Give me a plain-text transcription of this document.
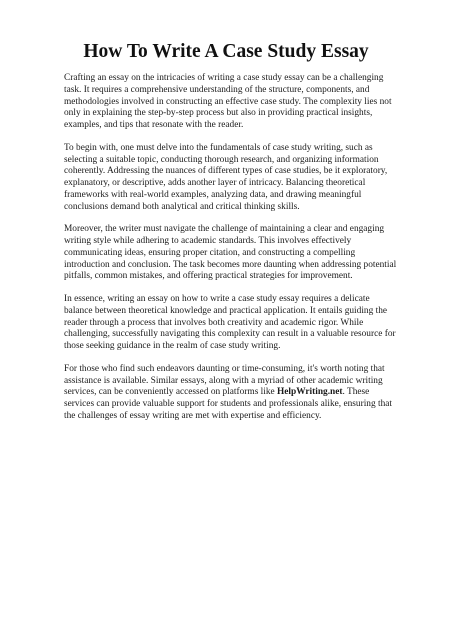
How To Write A Case Study Essay

Crafting an essay on the intricacies of writing a case study essay can be a challenging task. It requires a comprehensive understanding of the structure, components, and methodologies involved in constructing an effective case study. The complexity lies not only in explaining the step-by-step process but also in providing practical insights, examples, and tips that resonate with the reader.

To begin with, one must delve into the fundamentals of case study writing, such as selecting a suitable topic, conducting thorough research, and organizing information coherently. Addressing the nuances of different types of case studies, be it exploratory, explanatory, or descriptive, adds another layer of intricacy. Balancing theoretical frameworks with real-world examples, analyzing data, and drawing meaningful conclusions demand both analytical and critical thinking skills.

Moreover, the writer must navigate the challenge of maintaining a clear and engaging writing style while adhering to academic standards. This involves effectively communicating ideas, ensuring proper citation, and constructing a compelling introduction and conclusion. The task becomes more daunting when addressing potential pitfalls, common mistakes, and offering practical strategies for improvement.

In essence, writing an essay on how to write a case study essay requires a delicate balance between theoretical knowledge and practical application. It entails guiding the reader through a process that involves both creativity and academic rigor. While challenging, successfully navigating this complexity can result in a valuable resource for those seeking guidance in the realm of case study writing.

For those who find such endeavors daunting or time-consuming, it's worth noting that assistance is available. Similar essays, along with a myriad of other academic writing services, can be conveniently accessed on platforms like HelpWriting.net. These services can provide valuable support for students and professionals alike, ensuring that the challenges of essay writing are met with expertise and efficiency.
